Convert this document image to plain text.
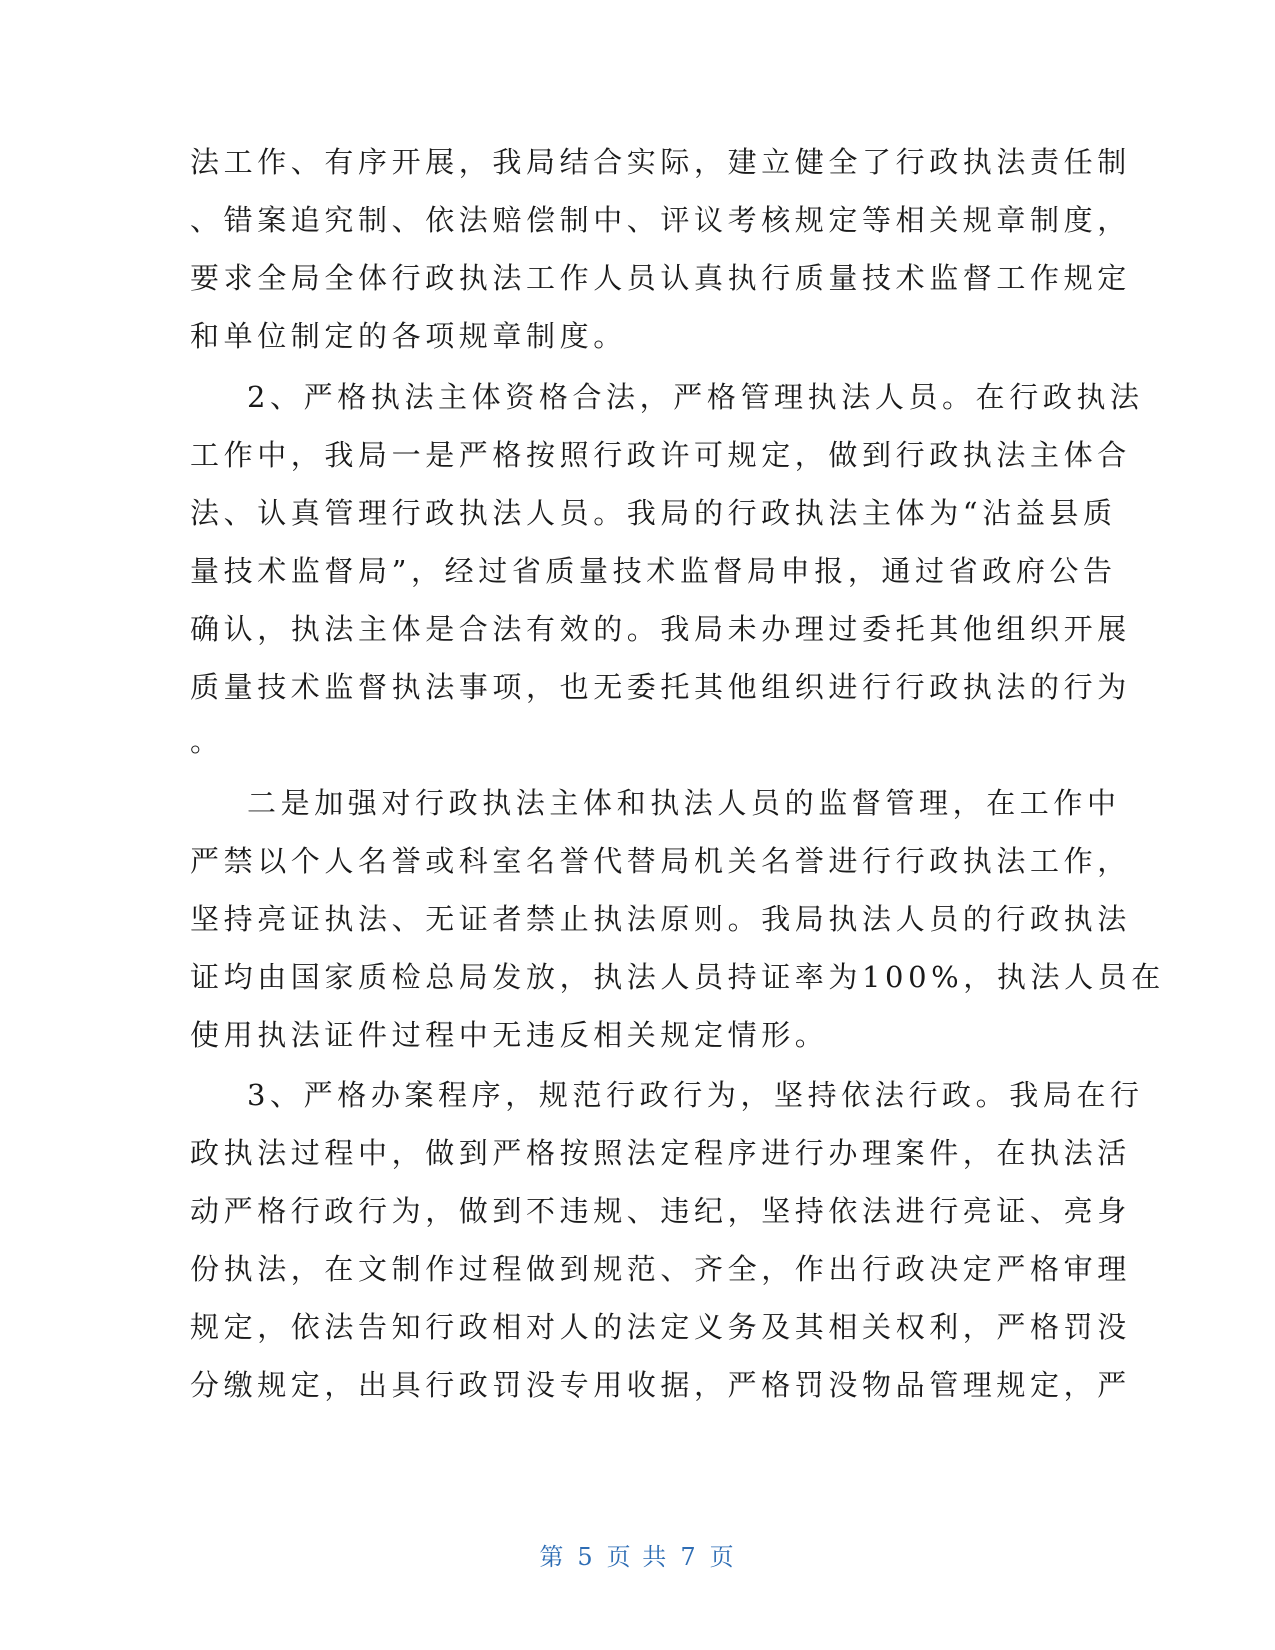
法工作、有序开展，我局结合实际，建立健全了行政执法责任制
、错案追究制、依法赔偿制中、评议考核规定等相关规章制度，
要求全局全体行政执法工作人员认真执行质量技术监督工作规定
和单位制定的各项规章制度。
2、严格执法主体资格合法，严格管理执法人员。在行政执法
工作中，我局一是严格按照行政许可规定，做到行政执法主体合
法、认真管理行政执法人员。我局的行政执法主体为“沾益县质
量技术监督局”，经过省质量技术监督局申报，通过省政府公告
确认，执法主体是合法有效的。我局未办理过委托其他组织开展
质量技术监督执法事项，也无委托其他组织进行行政执法的行为
。
二是加强对行政执法主体和执法人员的监督管理，在工作中
严禁以个人名誉或科室名誉代替局机关名誉进行行政执法工作，
坚持亮证执法、无证者禁止执法原则。我局执法人员的行政执法
证均由国家质检总局发放，执法人员持证率为100%，执法人员在
使用执法证件过程中无违反相关规定情形。
3、严格办案程序，规范行政行为，坚持依法行政。我局在行
政执法过程中，做到严格按照法定程序进行办理案件，在执法活
动严格行政行为，做到不违规、违纪，坚持依法进行亮证、亮身
份执法，在文制作过程做到规范、齐全，作出行政决定严格审理
规定，依法告知行政相对人的法定义务及其相关权利，严格罚没
分缴规定，出具行政罚没专用收据，严格罚没物品管理规定，严
第 5 页 共 7 页
